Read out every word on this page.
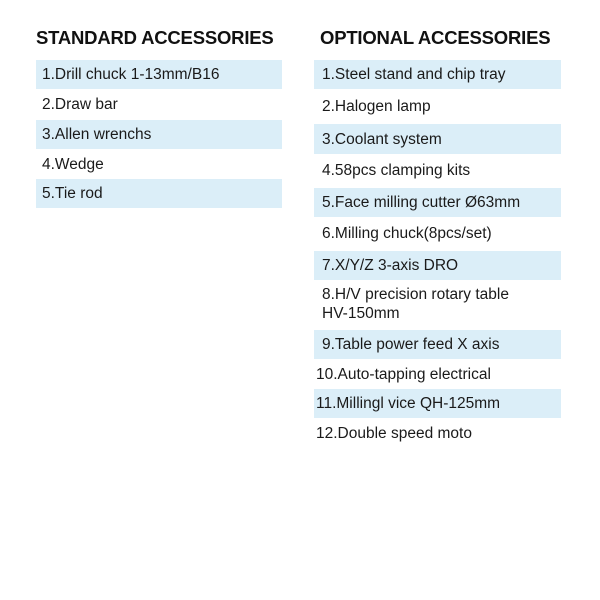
STANDARD ACCESSORIES	OPTIONAL ACCESSORIES
1.Drill chuck 1-13mm/B16
2.Draw bar
3.Allen wrenchs
4.Wedge
5.Tie rod
1.Steel stand and chip tray
2.Halogen lamp
3.Coolant system
4.58pcs clamping kits
5.Face milling cutter Ø63mm
6.Milling chuck(8pcs/set)
7.X/Y/Z 3-axis DRO
8.H/V precision rotary table
HV-150mm
9.Table power feed X axis
10.Auto-tapping electrical
11.Millingl vice QH-125mm
12.Double speed moto
